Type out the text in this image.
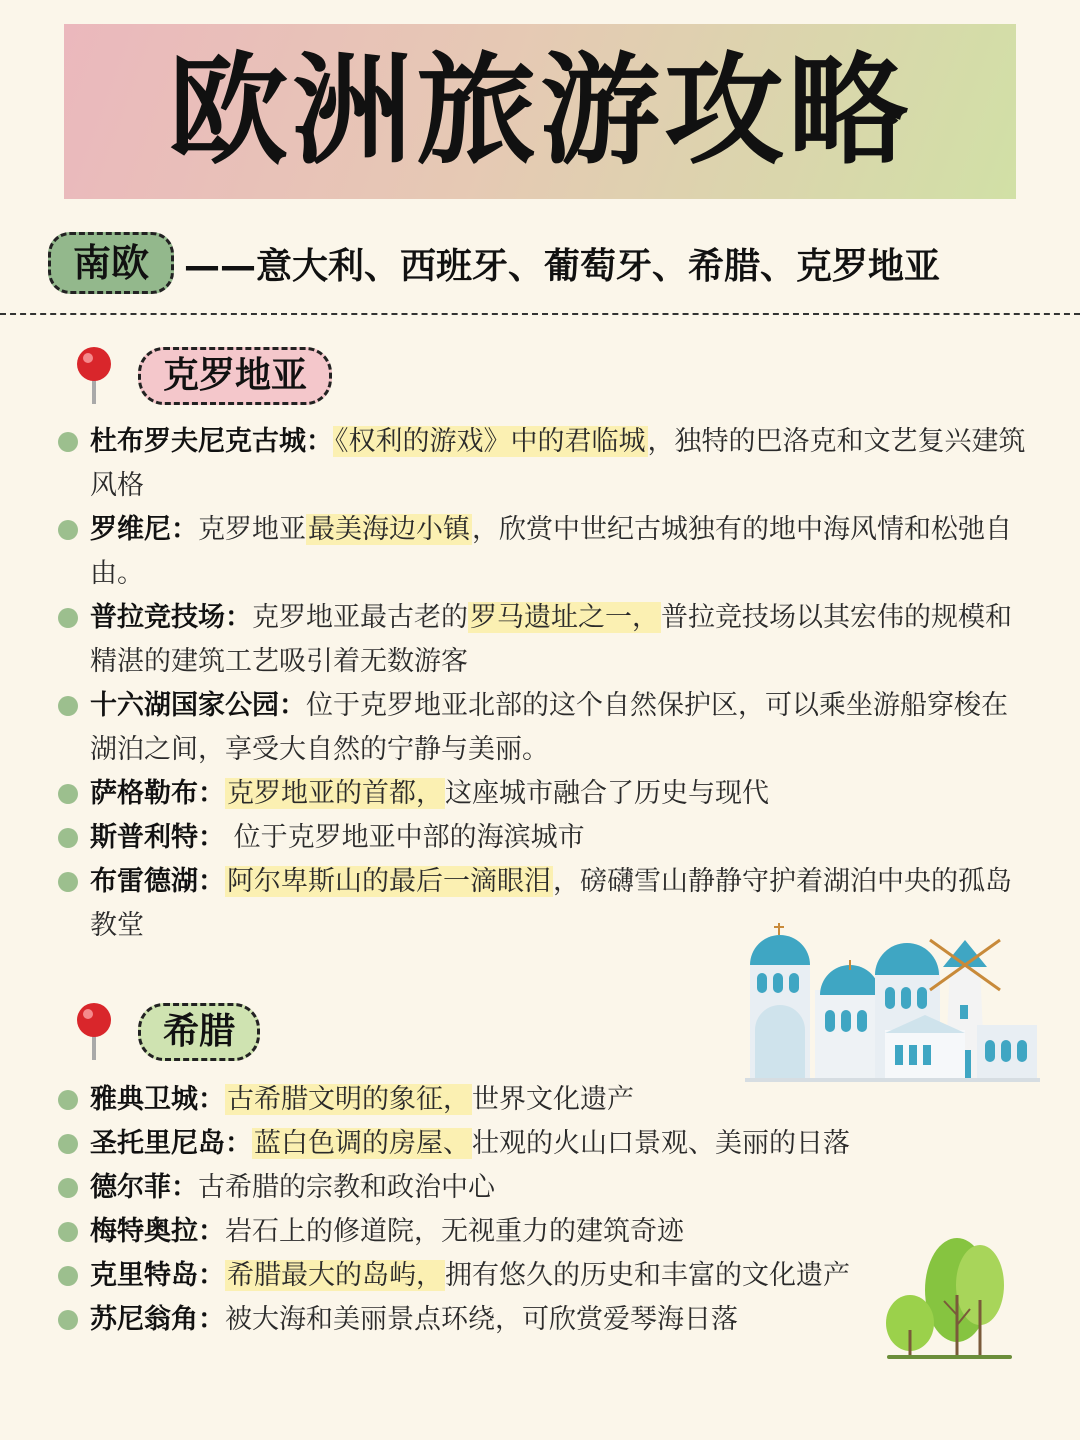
欧洲旅游攻略
南欧 ——意大利、西班牙、葡萄牙、希腊、克罗地亚
克罗地亚
杜布罗夫尼克古城：《权利的游戏》中的君临城，独特的巴洛克和文艺复兴建筑风格
罗维尼：克罗地亚最美海边小镇，欣赏中世纪古城独有的地中海风情和松弛自由。
普拉竞技场：克罗地亚最古老的罗马遗址之一，普拉竞技场以其宏伟的规模和精湛的建筑工艺吸引着无数游客
十六湖国家公园：位于克罗地亚北部的这个自然保护区，可以乘坐游船穿梭在湖泊之间，享受大自然的宁静与美丽。
萨格勒布：克罗地亚的首都，这座城市融合了历史与现代
斯普利特： 位于克罗地亚中部的海滨城市
布雷德湖：阿尔卑斯山的最后一滴眼泪，磅礴雪山静静守护着湖泊中央的孤岛教堂
希腊
雅典卫城：古希腊文明的象征，世界文化遗产
圣托里尼岛：蓝白色调的房屋、壮观的火山口景观、美丽的日落
德尔菲：古希腊的宗教和政治中心
梅特奥拉：岩石上的修道院，无视重力的建筑奇迹
克里特岛：希腊最大的岛屿，拥有悠久的历史和丰富的文化遗产
苏尼翁角：被大海和美丽景点环绕，可欣赏爱琴海日落
